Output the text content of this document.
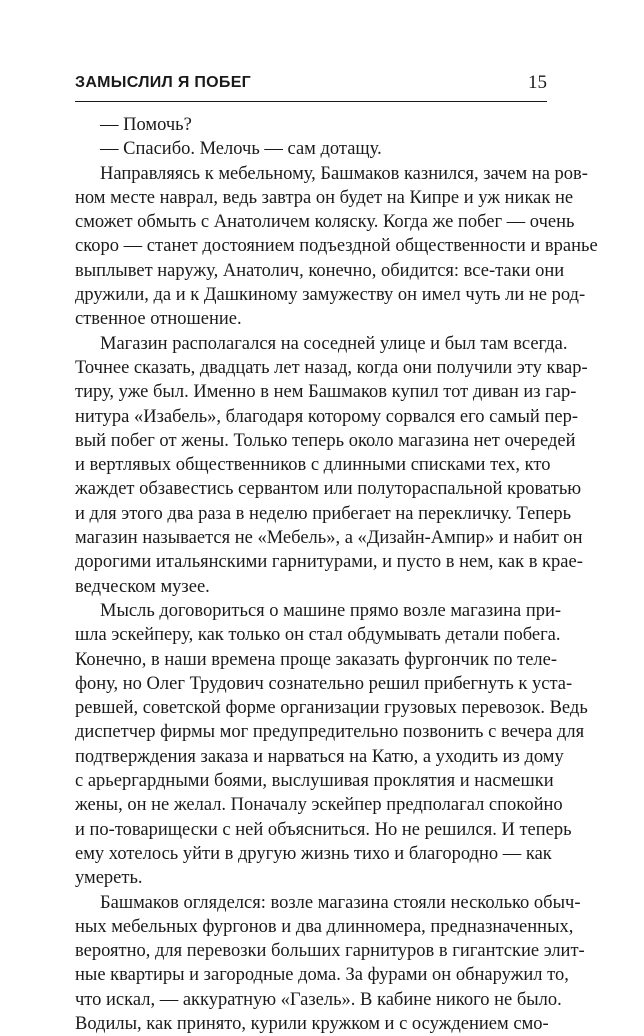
ЗАМЫСЛИЛ Я ПОБЕГ	15
— Помочь?
— Спасибо. Мелочь — сам дотащу.
Направляясь к мебельному, Башмаков казнился, зачем на ров-
ном месте наврал, ведь завтра он будет на Кипре и уж никак не
сможет обмыть с Анатоличем коляску. Когда же побег — очень
скоро — станет достоянием подъездной общественности и вранье
выплывет наружу, Анатолич, конечно, обидится: все-таки они
дружили, да и к Дашкиному замужеству он имел чуть ли не род-
ственное отношение.
Магазин располагался на соседней улице и был там всегда.
Точнее сказать, двадцать лет назад, когда они получили эту квар-
тиру, уже был. Именно в нем Башмаков купил тот диван из гар-
нитура «Изабель», благодаря которому сорвался его самый пер-
вый побег от жены. Только теперь около магазина нет очередей
и вертлявых общественников с длинными списками тех, кто
жаждет обзавестись сервантом или полутораспальной кроватью
и для этого два раза в неделю прибегает на перекличку. Теперь
магазин называется не «Мебель», а «Дизайн-Ампир» и набит он
дорогими итальянскими гарнитурами, и пусто в нем, как в крае-
ведческом музее.
Мысль договориться о машине прямо возле магазина при-
шла эскейперу, как только он стал обдумывать детали побега.
Конечно, в наши времена проще заказать фургончик по теле-
фону, но Олег Трудович сознательно решил прибегнуть к уста-
ревшей, советской форме организации грузовых перевозок. Ведь
диспетчер фирмы мог предупредительно позвонить с вечера для
подтверждения заказа и нарваться на Катю, а уходить из дому
с арьергардными боями, выслушивая проклятия и насмешки
жены, он не желал. Поначалу эскейпер предполагал спокойно
и по-товарищески с ней объясниться. Но не решился. И теперь
ему хотелось уйти в другую жизнь тихо и благородно — как
умереть.
Башмаков огляделся: возле магазина стояли несколько обыч-
ных мебельных фургонов и два длинномера, предназначенных,
вероятно, для перевозки больших гарнитуров в гигантские элит-
ные квартиры и загородные дома. За фурами он обнаружил то,
что искал, — аккуратную «Газель». В кабине никого не было.
Водилы, как принято, курили кружком и с осуждением смо-
